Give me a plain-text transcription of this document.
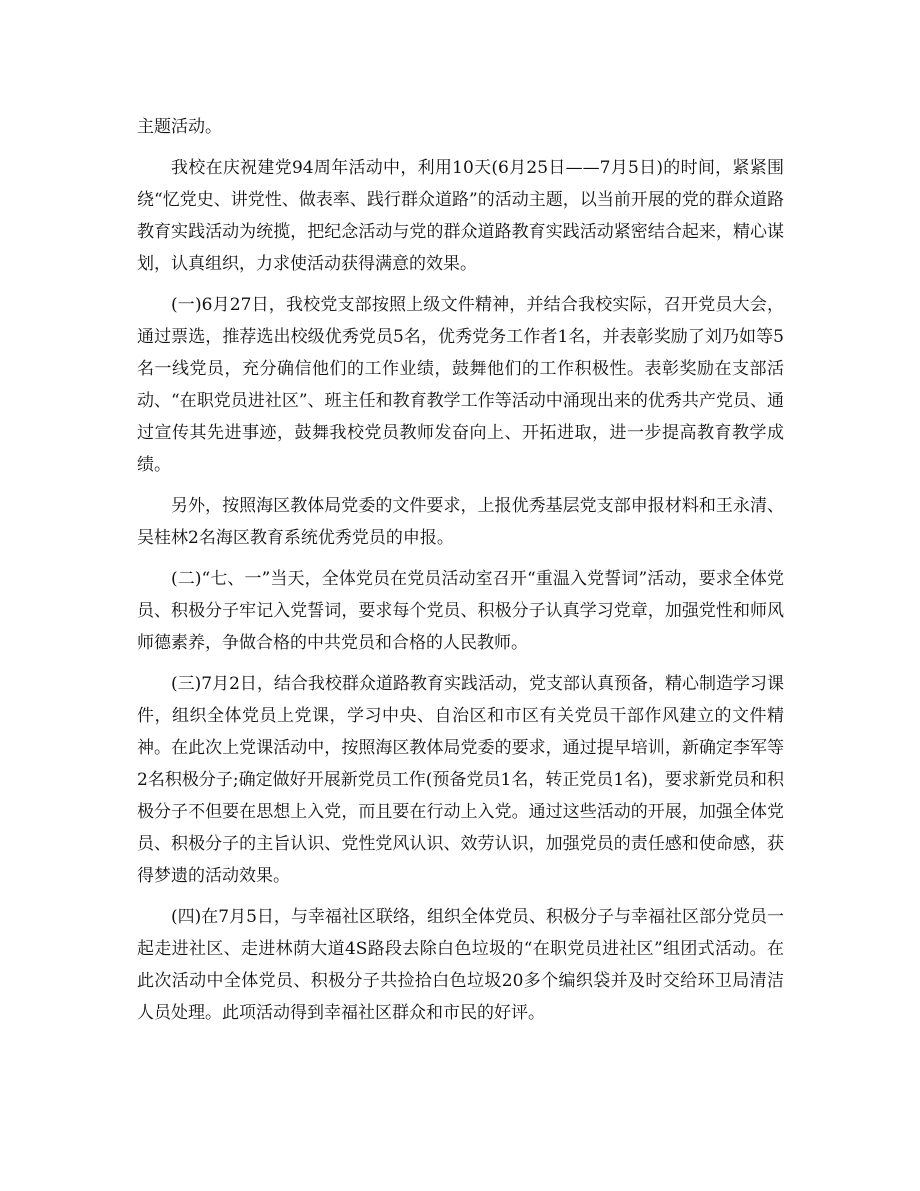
主题活动。

我校在庆祝建党94周年活动中，利用10天(6月25日——7月5日)的时间，紧紧围绕“忆党史、讲党性、做表率、践行群众道路”的活动主题，以当前开展的党的群众道路教育实践活动为统揽，把纪念活动与党的群众道路教育实践活动紧密结合起来，精心谋划，认真组织，力求使活动获得满意的效果。

(一)6月27日，我校党支部按照上级文件精神，并结合我校实际，召开党员大会，通过票选，推荐选出校级优秀党员5名，优秀党务工作者1名，并表彰奖励了刘乃如等5名一线党员，充分确信他们的工作业绩，鼓舞他们的工作积极性。表彰奖励在支部活动、“在职党员进社区”、班主任和教育教学工作等活动中涌现出来的优秀共产党员、通过宣传其先进事迹，鼓舞我校党员教师发奋向上、开拓进取，进一步提高教育教学成绩。

另外，按照海区教体局党委的文件要求，上报优秀基层党支部申报材料和王永清、吴桂林2名海区教育系统优秀党员的申报。

(二)“七、一”当天，全体党员在党员活动室召开“重温入党誓词”活动，要求全体党员、积极分子牢记入党誓词，要求每个党员、积极分子认真学习党章，加强党性和师风师德素养，争做合格的中共党员和合格的人民教师。

(三)7月2日，结合我校群众道路教育实践活动，党支部认真预备，精心制造学习课件，组织全体党员上党课，学习中央、自治区和市区有关党员干部作风建立的文件精神。在此次上党课活动中，按照海区教体局党委的要求，通过提早培训，新确定李军等2名积极分子;确定做好开展新党员工作(预备党员1名，转正党员1名)，要求新党员和积极分子不但要在思想上入党，而且要在行动上入党。通过这些活动的开展，加强全体党员、积极分子的主旨认识、党性党风认识、效劳认识，加强党员的责任感和使命感，获得梦遗的活动效果。

(四)在7月5日，与幸福社区联络，组织全体党员、积极分子与幸福社区部分党员一起走进社区、走进林荫大道4S路段去除白色垃圾的“在职党员进社区”组团式活动。在此次活动中全体党员、积极分子共捡拾白色垃圾20多个编织袋并及时交给环卫局清洁人员处理。此项活动得到幸福社区群众和市民的好评。
